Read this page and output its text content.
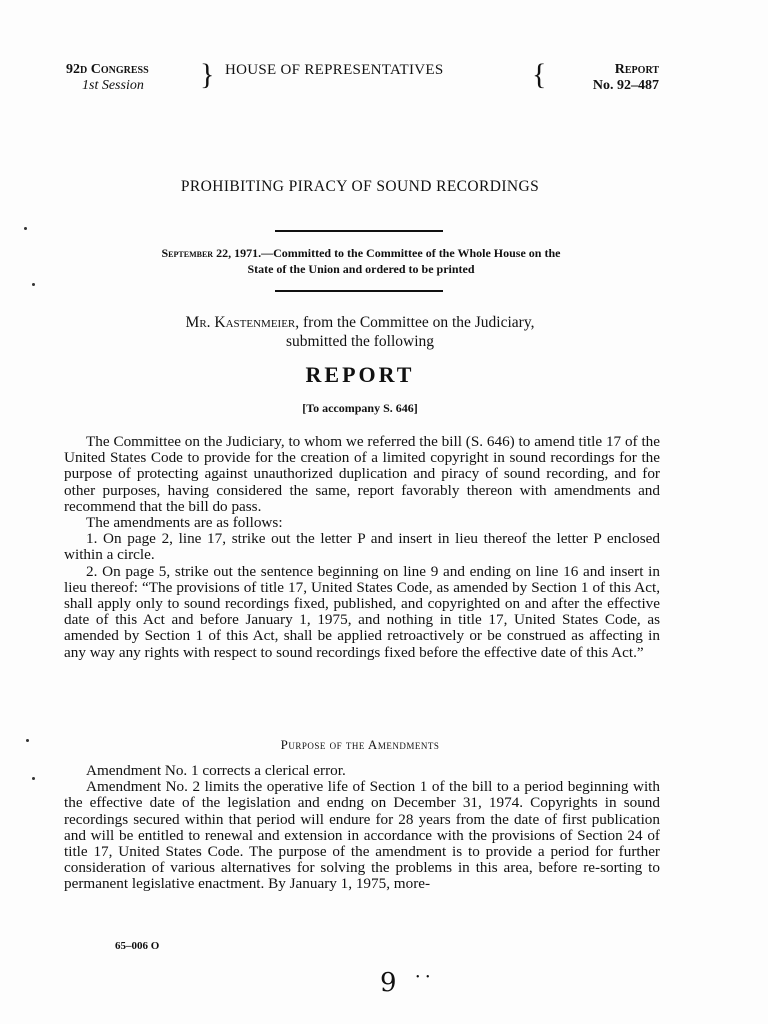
92d Congress
1st Session	} HOUSE OF REPRESENTATIVES	{	Report
No. 92–487
PROHIBITING PIRACY OF SOUND RECORDINGS
September 22, 1971.—Committed to the Committee of the Whole House on the
State of the Union and ordered to be printed
Mr. Kastenmeier, from the Committee on the Judiciary,
submitted the following
REPORT
[To accompany S. 646]

The Committee on the Judiciary, to whom we referred the bill (S. 646) to amend title 17 of the United States Code to provide for the creation of a limited copyright in sound recordings for the purpose of protecting against unauthorized duplication and piracy of sound recording, and for other purposes, having considered the same, report favorably thereon with amendments and recommend that the bill do pass.

The amendments are as follows:

1. On page 2, line 17, strike out the letter P and insert in lieu thereof the letter P enclosed within a circle.

2. On page 5, strike out the sentence beginning on line 9 and ending on line 16 and insert in lieu thereof: “The provisions of title 17, United States Code, as amended by Section 1 of this Act, shall apply only to sound recordings fixed, published, and copyrighted on and after the effective date of this Act and before January 1, 1975, and nothing in title 17, United States Code, as amended by Section 1 of this Act, shall be applied retroactively or be construed as affecting in any way any rights with respect to sound recordings fixed before the effective date of this Act.”

Purpose of the Amendments

Amendment No. 1 corrects a clerical error.

Amendment No. 2 limits the operative life of Section 1 of the bill to a period beginning with the effective date of the legislation and endng on December 31, 1974. Copyrights in sound recordings secured within that period will endure for 28 years from the date of first publication and will be entitled to renewal and extension in accordance with the provisions of Section 24 of title 17, United States Code. The purpose of the amendment is to provide a period for further consideration of various alternatives for solving the problems in this area, before re-sorting to permanent legislative enactment. By January 1, 1975, more-

65–006 O
9 • •
